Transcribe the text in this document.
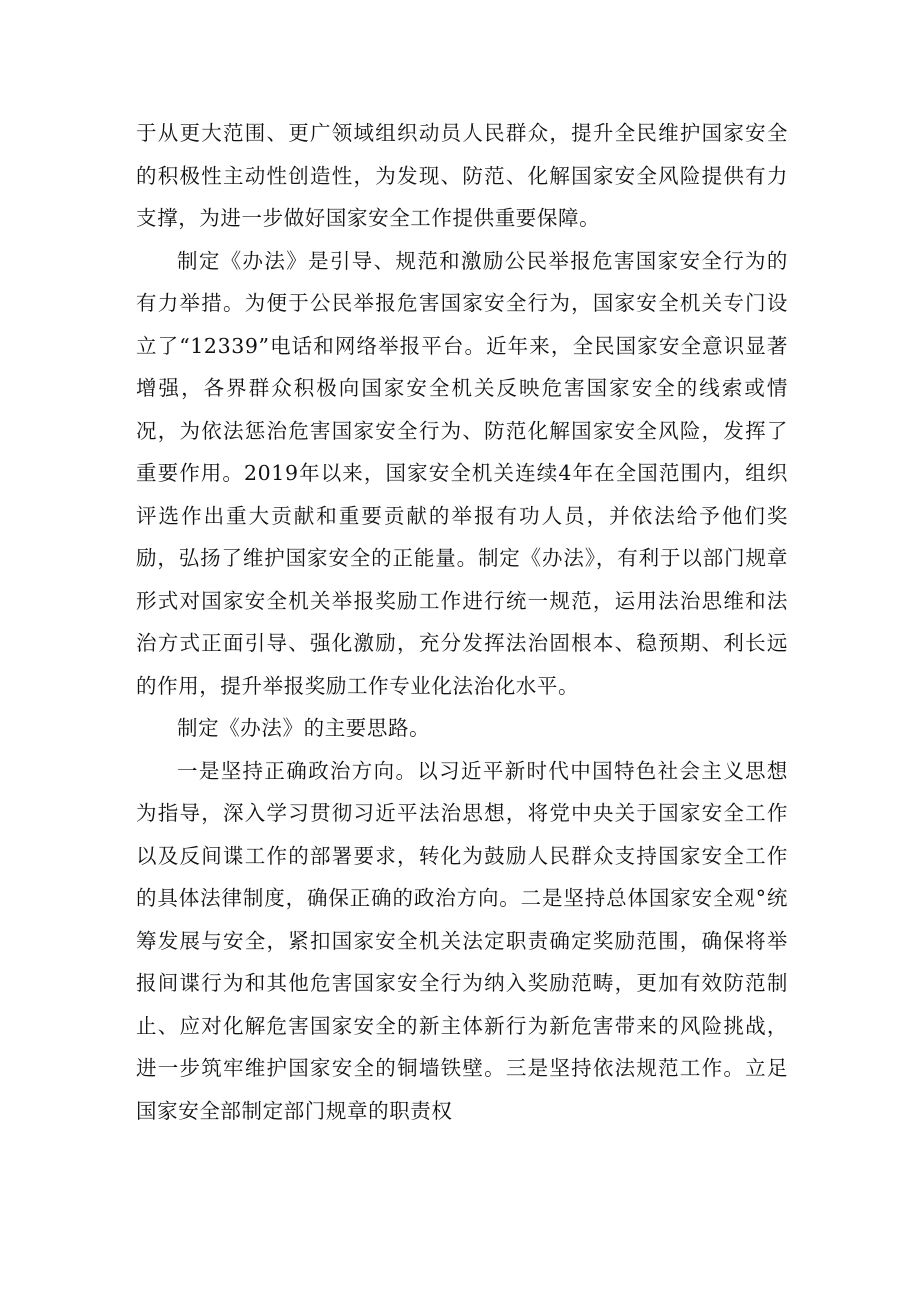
于从更大范围、更广领域组织动员人民群众，提升全民维护国家安全的积极性主动性创造性，为发现、防范、化解国家安全风险提供有力支撑，为进一步做好国家安全工作提供重要保障。

制定《办法》是引导、规范和激励公民举报危害国家安全行为的有力举措。为便于公民举报危害国家安全行为，国家安全机关专门设立了“12339”电话和网络举报平台。近年来，全民国家安全意识显著增强，各界群众积极向国家安全机关反映危害国家安全的线索或情况，为依法惩治危害国家安全行为、防范化解国家安全风险，发挥了重要作用。2019年以来，国家安全机关连续4年在全国范围内，组织评选作出重大贡献和重要贡献的举报有功人员，并依法给予他们奖励，弘扬了维护国家安全的正能量。制定《办法》，有利于以部门规章形式对国家安全机关举报奖励工作进行统一规范，运用法治思维和法治方式正面引导、强化激励，充分发挥法治固根本、稳预期、利长远的作用，提升举报奖励工作专业化法治化水平。

制定《办法》的主要思路。

一是坚持正确政治方向。以习近平新时代中国特色社会主义思想为指导，深入学习贯彻习近平法治思想，将党中央关于国家安全工作以及反间谍工作的部署要求，转化为鼓励人民群众支持国家安全工作的具体法律制度，确保正确的政治方向。二是坚持总体国家安全观°统筹发展与安全，紧扣国家安全机关法定职责确定奖励范围，确保将举报间谍行为和其他危害国家安全行为纳入奖励范畴，更加有效防范制止、应对化解危害国家安全的新主体新行为新危害带来的风险挑战，进一步筑牢维护国家安全的铜墙铁壁。三是坚持依法规范工作。立足国家安全部制定部门规章的职责权
